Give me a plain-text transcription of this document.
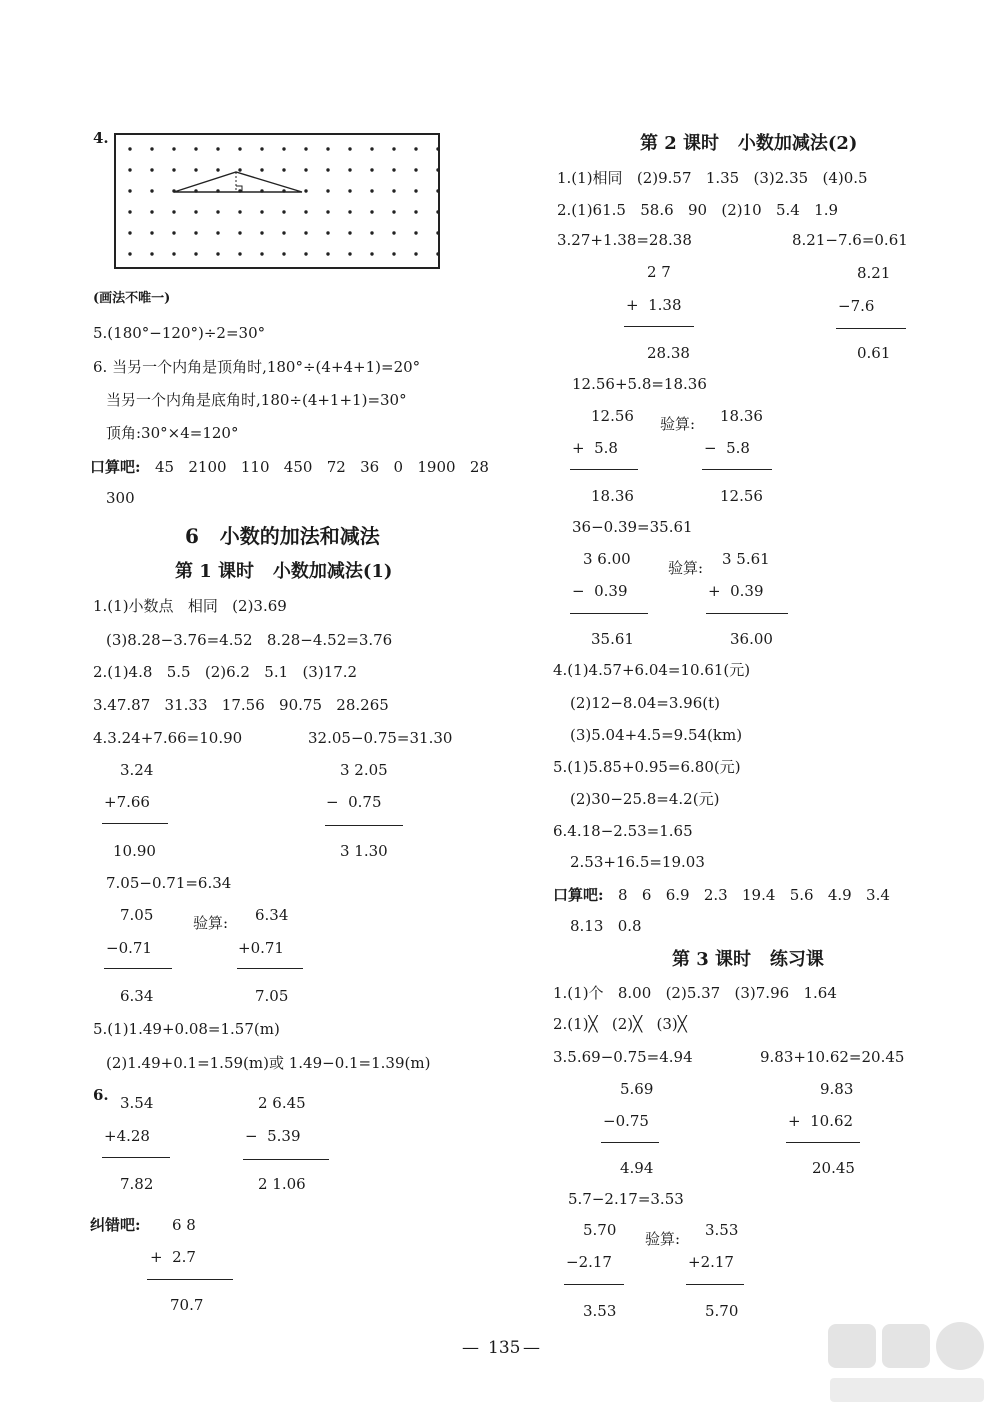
4.
(画法不唯一)
5.(180°−120°)÷2=30°
6. 当另一个内角是顶角时,180°÷(4+4+1)=20°
当另一个内角是底角时,180÷(4+1+1)=30°
顶角:30°×4=120°
口算吧: 45   2100   110   450   72   36   0   1900   28
300
6   小数的加法和减法
第 1 课时   小数加减法(1)
1.(1)小数点   相同   (2)3.69
(3)8.28−3.76=4.52   8.28−4.52=3.76
2.(1)4.8   5.5   (2)6.2   5.1   (3)17.2
3.47.87   31.33   17.56   90.75   28.265
4.3.24+7.66=10.90	32.05−0.75=31.30
3.24
+7.66
10.90
3 2.05
−  0.75
3 1.30
7.05−0.71=6.34
7.05
−0.71
6.34
验算: 6.34
+0.71
7.05
5.(1)1.49+0.08=1.57(m)
(2)1.49+0.1=1.59(m)或 1.49−0.1=1.39(m)
6. 3.54
+4.28
7.82
2 6.45
−  5.39
2 1.06
纠错吧: 6 8
+  2.7
70.7
第 2 课时   小数加减法(2)
1.(1)相同   (2)9.57   1.35   (3)2.35   (4)0.5
2.(1)61.5   58.6   90   (2)10   5.4   1.9
3.27+1.38=28.38	8.21−7.6=0.61
2 7
+  1.38
28.38
8.21
−7.6
0.61
12.56+5.8=18.36
12.56
+  5.8
18.36
验算: 18.36
−  5.8
12.56
36−0.39=35.61
3 6.00
−  0.39
35.61
验算: 3 5.61
+  0.39
36.00
4.(1)4.57+6.04=10.61(元)
(2)12−8.04=3.96(t)
(3)5.04+4.5=9.54(km)
5.(1)5.85+0.95=6.80(元)
(2)30−25.8=4.2(元)
6.4.18−2.53=1.65
2.53+16.5=19.03
口算吧: 8   6   6.9   2.3   19.4   5.6   4.9   3.4
8.13   0.8
第 3 课时   练习课
1.(1)个   8.00   (2)5.37   (3)7.96   1.64
2.(1)╳   (2)╳   (3)╳
3.5.69−0.75=4.94	9.83+10.62=20.45
5.69
−0.75
4.94
9.83
+  10.62
20.45
5.7−2.17=3.53
5.70
−2.17
3.53
验算: 3.53
+2.17
5.70
— 135 —
